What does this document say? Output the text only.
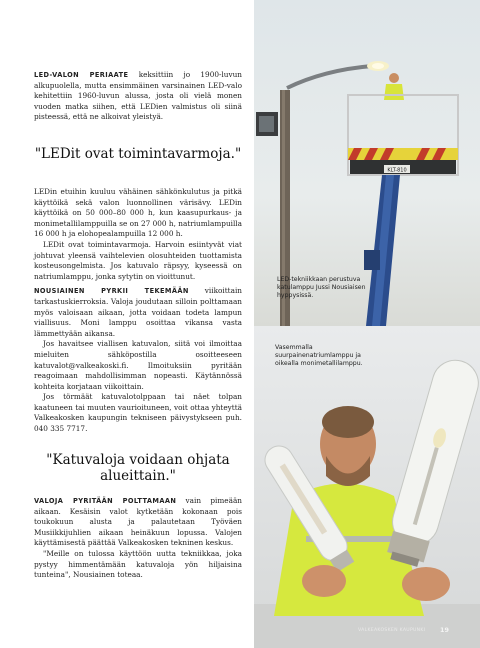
LED-VALON PERIAATE keksittiin jo 1900-luvun alkupuolella, mutta ensimmäinen varsinainen LED-valo kehitettiin 1960-luvun alussa, josta oli vielä monen vuoden matka siihen, että LEDien valmistus oli siinä pisteessä, että ne alkoivat yleistyä.

"LEDit ovat toimintavarmoja."

LEDin etuihin kuuluu vähäinen sähkönkulutus ja pitkä käyttöikä sekä valon luonnollinen värisävy. LEDin käyttöikä on 50 000–80 000 h, kun kaasupurkaus- ja monimetallilamppuilla se on 27 000 h, natriumlampuilla 16 000 h ja elohopealampuilla 12 000 h.

LEDit ovat toimintavarmoja. Harvoin esiintyvät viat johtuvat yleensä vaihtelevien olosuhteiden tuottamista kosteusongelmista. Jos katuvalo räpsyy, kyseessä on natriumlamppu, jonka sytytin on vioittunut.

NOUSIAINEN PYRKII TEKEMÄÄN viikoittain tarkastuskierroksia. Valoja joudutaan silloin polttamaan myös valoisaan aikaan, jotta voidaan todeta lampun viallisuus. Moni lamppu osoittaa vikansa vasta lämmettyään aikansa.

Jos havaitsee viallisen katuvalon, siitä voi ilmoittaa mieluiten sähköpostilla osoitteeseen katuvalot@valkeakoski.fi. Ilmoituksiin pyritään reagoimaan mahdollisimman nopeasti. Käytännössä kohteita korjataan viikoittain.

Jos törmäät katuvalotolppaan tai näet tolpan kaatuneen tai muuten vaurioituneen, voit ottaa yhteyttä Valkeakosken kaupungin tekniseen päivystykseen puh. 040 335 7717.

"Katuvaloja voidaan ohjata alueittain."

VALOJA PYRITÄÄN POLTTAMAAN vain pimeään aikaan. Kesäisin valot kytketään kokonaan pois toukokuun alusta ja palautetaan Työväen Musiikkijuhlien aikaan heinäkuun lopussa. Valojen käyttämisestä päättää Valkeakosken tekninen keskus.

"Meille on tulossa käyttöön uutta tekniikkaa, joka pystyy himmentämään katuvaloja yön hiljaisina tunteina", Nousiainen toteaa.

KLT-810
LED-tekniikkaan perustuva katulamppu Jussi Nousiaisen hyppysissä.
Vasemmalla suurpainenatriumlamppu ja oikealla monimetallilamppu.
VALKEAKOSKEN KAUPUNKI 19
